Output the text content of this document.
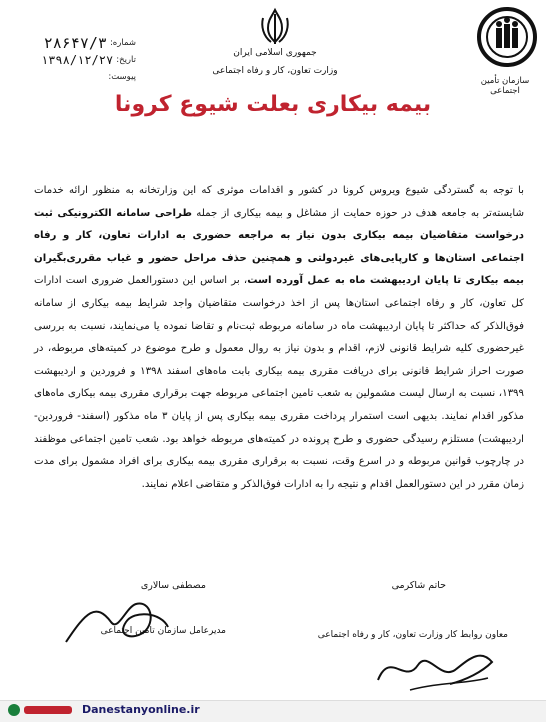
شماره:
۲۸۶۴۷/۳
تاریخ:
۱۳۹۸/۱۲/۲۷
پیوست:
جمهوری اسلامی ایران
وزارت تعاون، کار و رفاه اجتماعی
سازمان تأمین اجتماعی
بیمه بیکاری بعلت شیوع کرونا
با توجه به گستردگی شیوع ویروس کرونا در کشور و اقدامات موثری که این وزارتخانه به منظور ارائه خدمات شایسته‌تر به جامعه هدف در حوزه حمایت از مشاغل و بیمه بیکاری از جمله طراحی سامانه الکترونیکی ثبت درخواست متقاضیان بیمه بیکاری بدون نیاز به مراجعه حضوری به ادارات تعاون، کار و رفاه اجتماعی استان‌ها و کارپایی‌های غیردولتی و همچنین حذف مراحل حضور و غیاب مقرری‌بگیران بیمه بیکاری تا پایان اردیبهشت ماه به عمل آورده است، بر اساس این دستورالعمل ضروری است ادارات کل تعاون، کار و رفاه اجتماعی استان‌ها پس از اخذ درخواست متقاضیان واجد شرایط بیمه بیکاری از سامانه فوق‌الذکر که حداکثر تا پایان اردیبهشت ماه در سامانه مربوطه ثبت‌نام و تقاضا نموده یا می‌نمایند، نسبت به بررسی غیرحضوری کلیه شرایط قانونی لازم، اقدام و بدون نیاز به روال معمول و طرح موضوع در کمیته‌های مربوطه، در صورت احراز شرایط قانونی برای دریافت مقرری بیمه بیکاری بابت ماه‌های اسفند ۱۳۹۸ و فروردین و اردیبهشت ۱۳۹۹، نسبت به ارسال لیست مشمولین به شعب تامین اجتماعی مربوطه جهت برقراری مقرری بیمه بیکاری ماه‌های مذکور اقدام نمایند. بدیهی است استمرار پرداخت مقرری بیمه بیکاری پس از پایان ۳ ماه مذکور (اسفند- فروردین- اردیبهشت) مستلزم رسیدگی حضوری و طرح پرونده در کمیته‌های مربوطه خواهد بود. شعب تامین اجتماعی موظفند در چارچوب قوانین مربوطه و در اسرع وقت، نسبت به برقراری مقرری بیمه بیکاری برای افراد مشمول برای مدت زمان مقرر در این دستورالعمل اقدام و نتیجه را به ادارات فوق‌الذکر و متقاضی اعلام نمایند.
مصطفی سالاری
مدیرعامل سازمان تامین اجتماعی
حاتم شاکرمی
معاون روابط کار وزارت تعاون، کار و رفاه اجتماعی
Danestanyonline.ir
